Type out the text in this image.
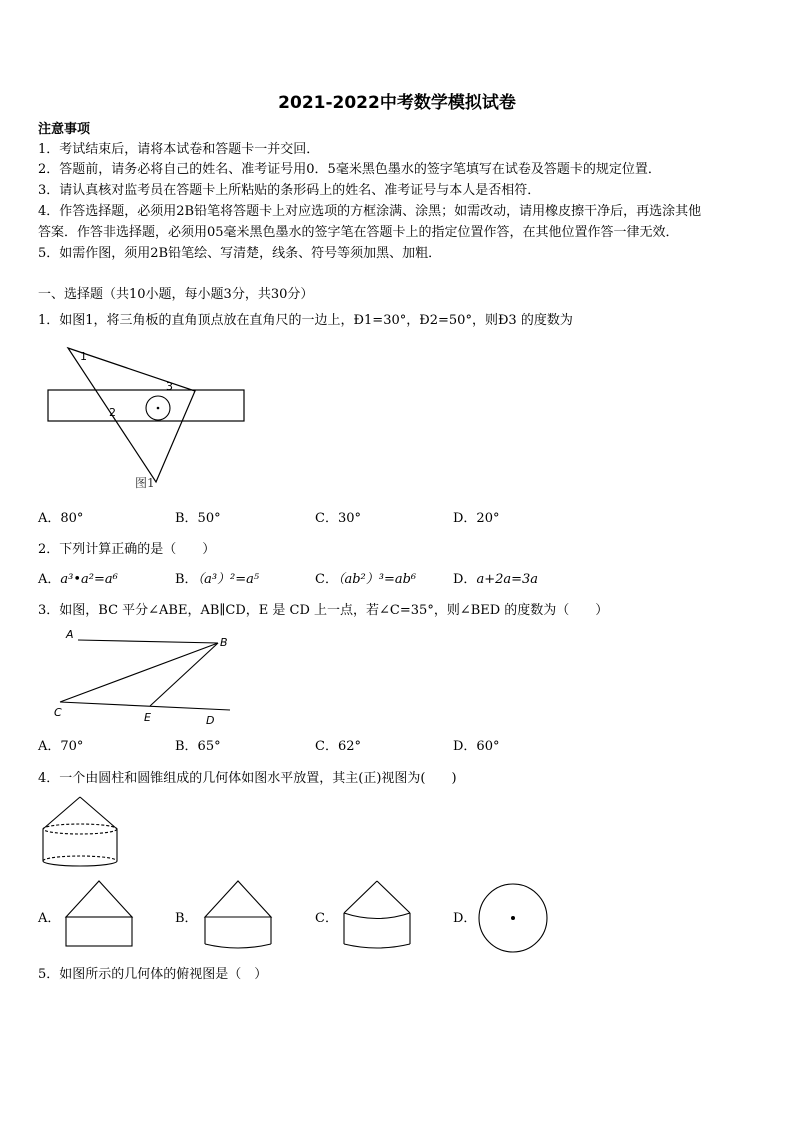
2021-2022中考数学模拟试卷
注意事项
1．考试结束后，请将本试卷和答题卡一并交回．
2．答题前，请务必将自己的姓名、准考证号用0．5毫米黑色墨水的签字笔填写在试卷及答题卡的规定位置．
3．请认真核对监考员在答题卡上所粘贴的条形码上的姓名、准考证号与本人是否相符．
4．作答选择题，必须用2B铅笔将答题卡上对应选项的方框涂满、涂黑；如需改动，请用橡皮擦干净后，再选涂其他
答案．作答非选择题，必须用05毫米黑色墨水的签字笔在答题卡上的指定位置作答，在其他位置作答一律无效．
5．如需作图，须用2B铅笔绘、写清楚，线条、符号等须加黑、加粗．
一、选择题（共10小题，每小题3分，共30分）
1．如图1，将三角板的直角顶点放在直角尺的一边上，Ð1=30°，Ð2=50°，则Ð3 的度数为
1
2
3
图1
A．80°	B．50°	C．30°	D．20°
2．下列计算正确的是（　　）
A．a³•a²=a⁶	B．（a³）²=a⁵	C．（ab²）³=ab⁶	D．a+2a=3a
3．如图，BC 平分∠ABE，AB∥CD，E 是 CD 上一点，若∠C=35°，则∠BED 的度数为（　　）
A
B
C	E	D
A．70°	B．65°	C．62°	D．60°
4．一个由圆柱和圆锥组成的几何体如图水平放置，其主(正)视图为(　　)
A．	B．	C．	D．
5．如图所示的几何体的俯视图是（　）
